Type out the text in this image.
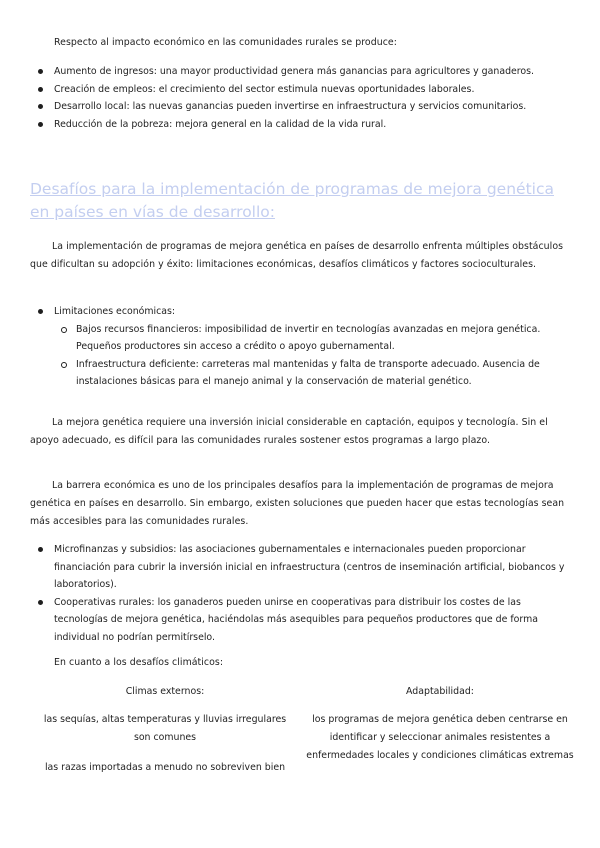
Respecto al impacto económico en las comunidades rurales se produce:
Aumento de ingresos: una mayor productividad genera más ganancias para agricultores y ganaderos.
Creación de empleos: el crecimiento del sector estimula nuevas oportunidades laborales.
Desarrollo local: las nuevas ganancias pueden invertirse en infraestructura y servicios comunitarios.
Reducción de la pobreza: mejora general en la calidad de la vida rural.
Desafíos para la implementación de programas de mejora genética en países en vías de desarrollo:
La implementación de programas de mejora genética en países de desarrollo enfrenta múltiples obstáculos que dificultan su adopción y éxito: limitaciones económicas, desafíos climáticos y factores socioculturales.
Limitaciones económicas:
Bajos recursos financieros: imposibilidad de invertir en tecnologías avanzadas en mejora genética. Pequeños productores sin acceso a crédito o apoyo gubernamental.
Infraestructura deficiente: carreteras mal mantenidas y falta de transporte adecuado. Ausencia de instalaciones básicas para el manejo animal y la conservación de material genético.
La mejora genética requiere una inversión inicial considerable en captación, equipos y tecnología. Sin el apoyo adecuado, es difícil para las comunidades rurales sostener estos programas a largo plazo.
La barrera económica es uno de los principales desafíos para la implementación de programas de mejora genética en países en desarrollo. Sin embargo, existen soluciones que pueden hacer que estas tecnologías sean más accesibles para las comunidades rurales.
Microfinanzas y subsidios: las asociaciones gubernamentales e internacionales pueden proporcionar financiación para cubrir la inversión inicial en infraestructura (centros de inseminación artificial, biobancos y laboratorios).
Cooperativas rurales: los ganaderos pueden unirse en cooperativas para distribuir los costes de las tecnologías de mejora genética, haciéndolas más asequibles para pequeños productores que de forma individual no podrían permitírselo.
En cuanto a los desafíos climáticos:
Climas externos:
las sequías, altas temperaturas y lluvias irregulares son comunes
las razas importadas a menudo no sobreviven bien
Adaptabilidad:
los programas de mejora genética deben centrarse en identificar y seleccionar animales resistentes a enfermedades locales y condiciones climáticas extremas
